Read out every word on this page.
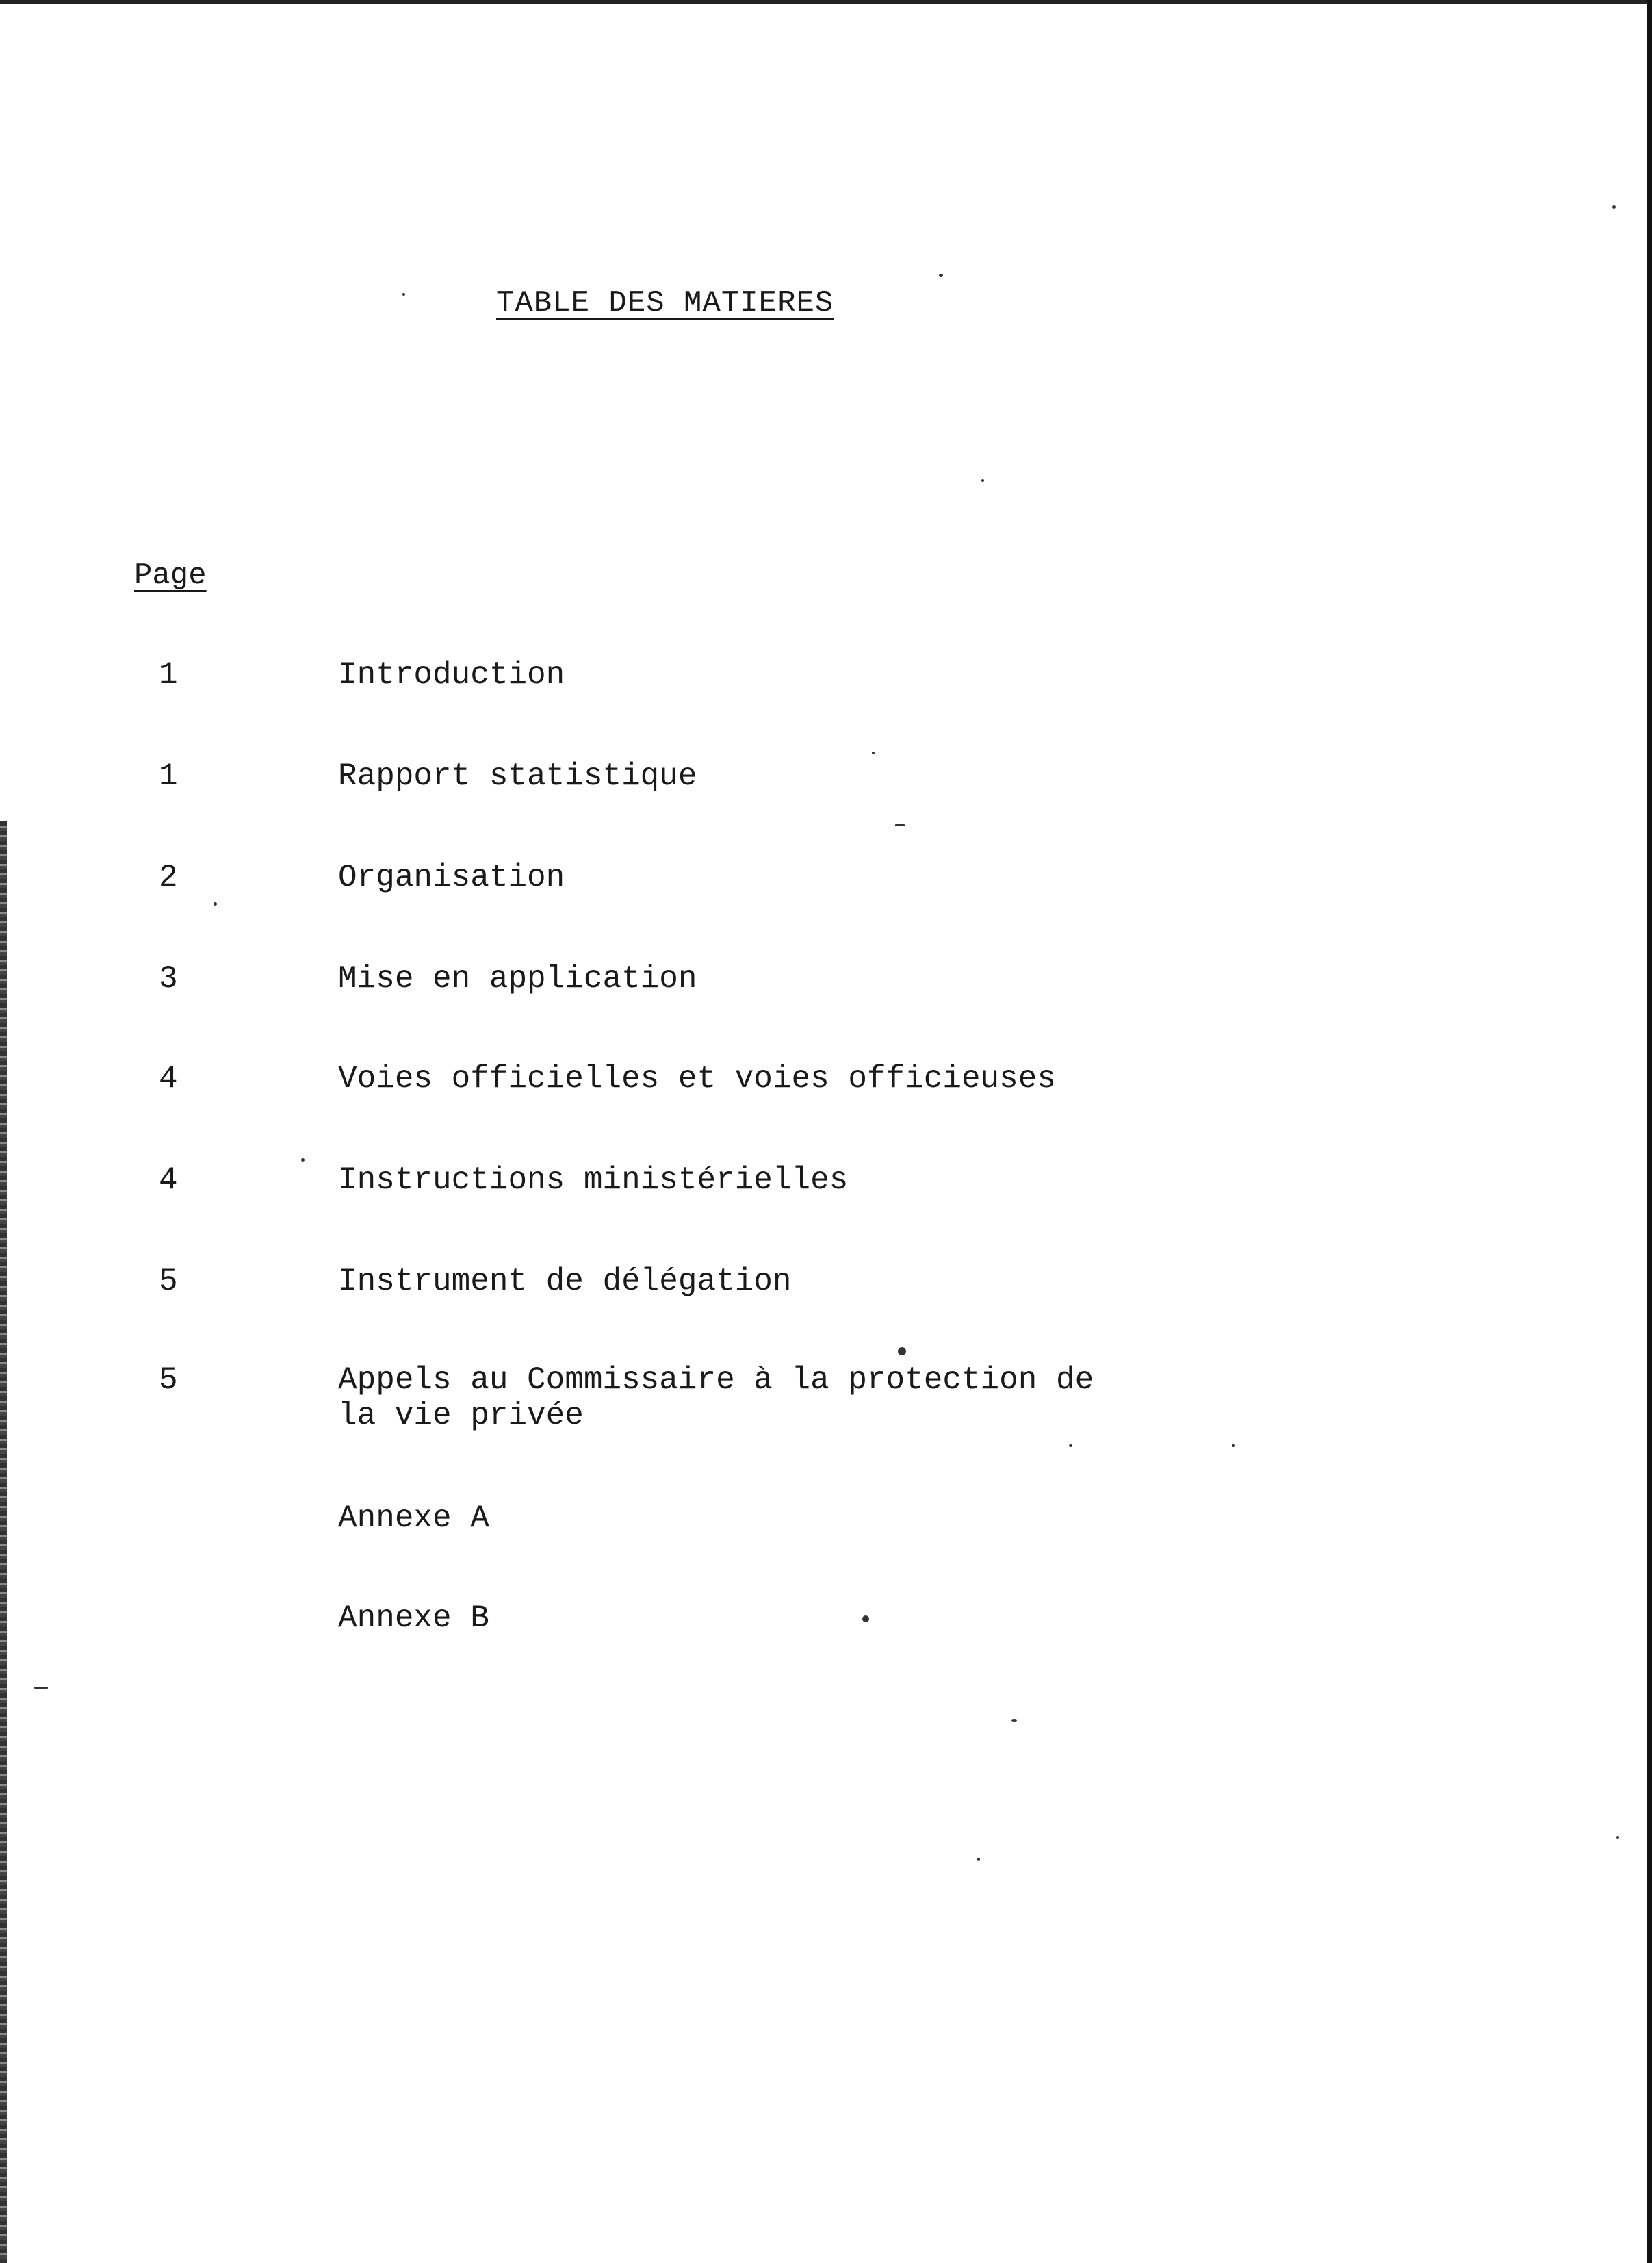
TABLE DES MATIERES
Page
1	Introduction
1	Rapport statistique
2	Organisation
3	Mise en application
4	Voies officielles et voies officieuses
4	Instructions ministérielles
5	Instrument de délégation
5	Appels au Commissaire à la protection de
la vie privée
Annexe A
Annexe B
